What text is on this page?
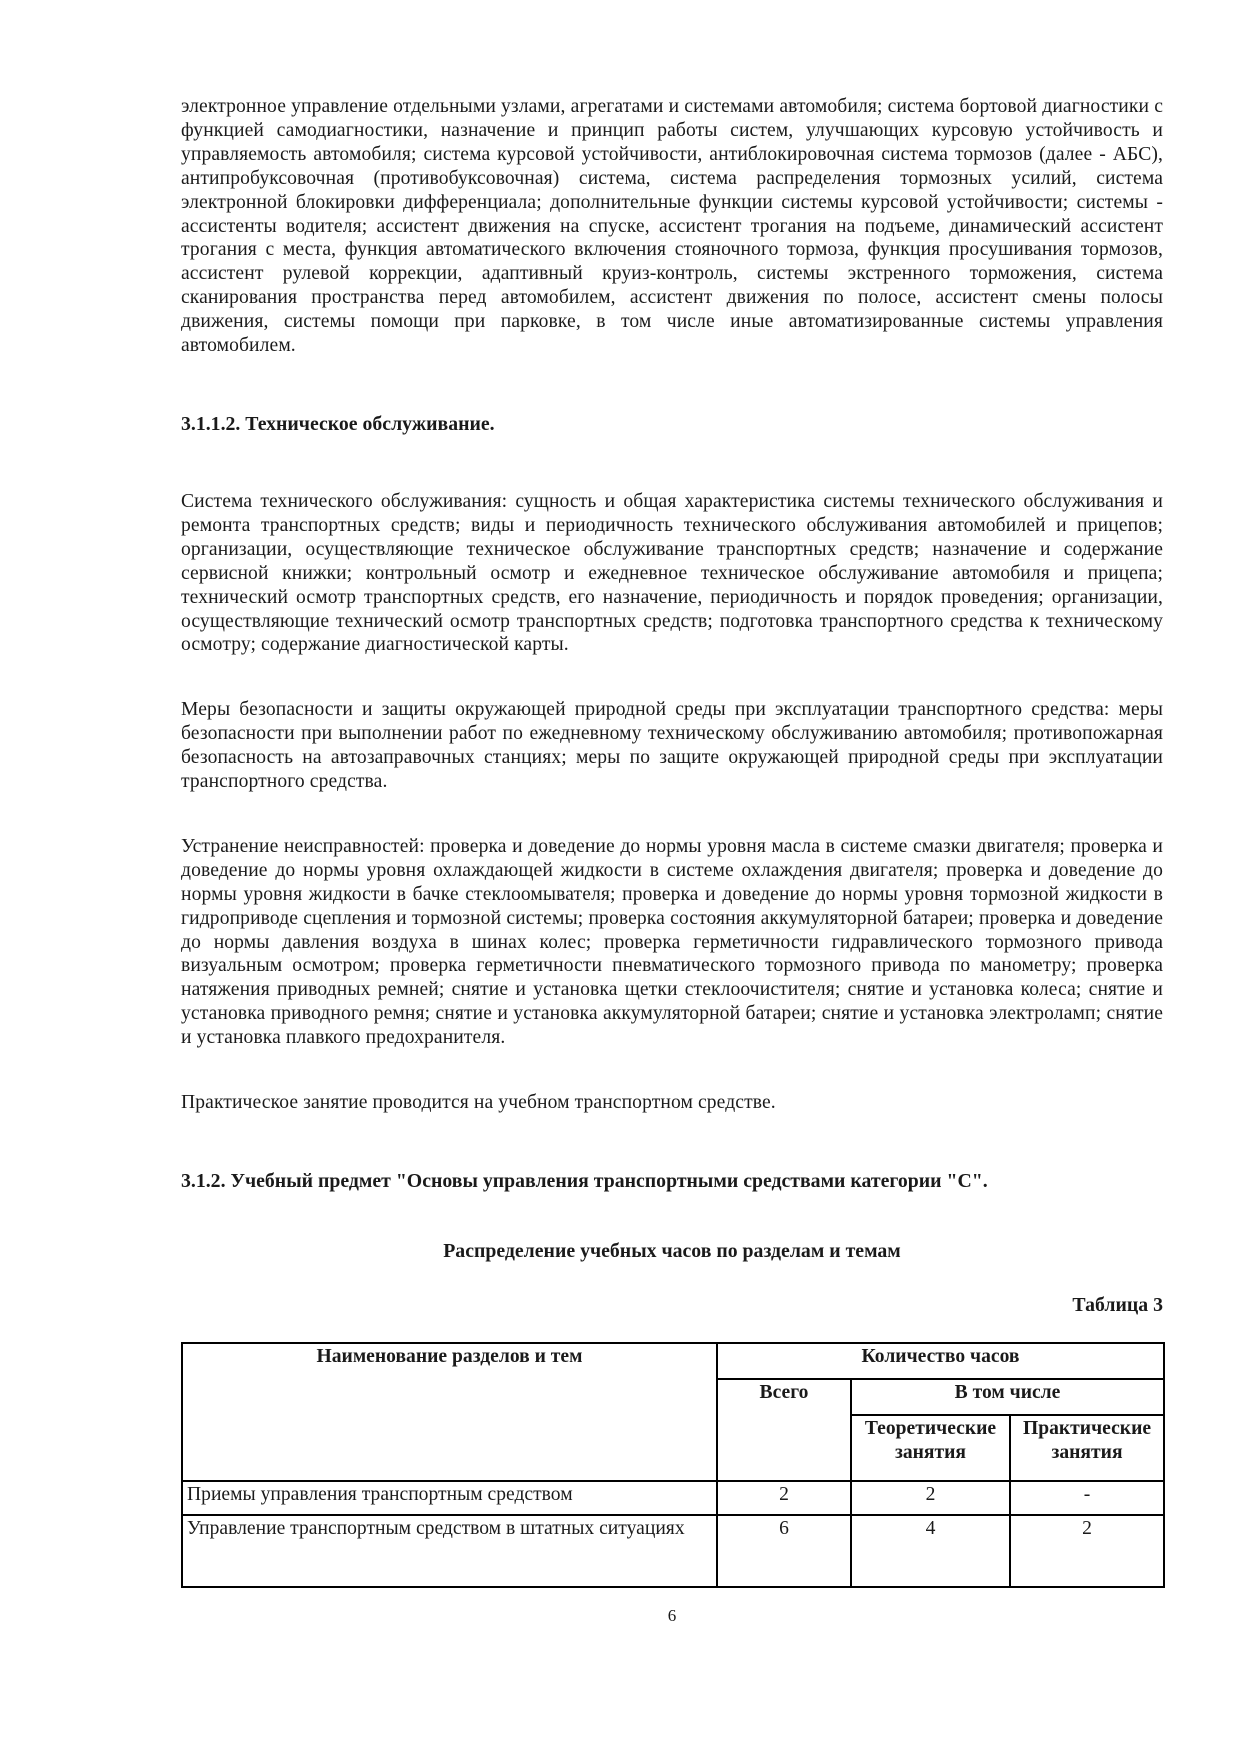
электронное управление отдельными узлами, агрегатами и системами автомобиля; система бортовой диагностики с функцией самодиагностики, назначение и принцип работы систем, улучшающих курсовую устойчивость и управляемость автомобиля; система курсовой устойчивости, антиблокировочная система тормозов (далее - АБС), антипробуксовочная (противобуксовочная) система, система распределения тормозных усилий, система электронной блокировки дифференциала; дополнительные функции системы курсовой устойчивости; системы - ассистенты водителя; ассистент движения на спуске, ассистент трогания на подъеме, динамический ассистент трогания с места, функция автоматического включения стояночного тормоза, функция просушивания тормозов, ассистент рулевой коррекции, адаптивный круиз-контроль, системы экстренного торможения, система сканирования пространства перед автомобилем, ассистент движения по полосе, ассистент смены полосы движения, системы помощи при парковке, в том числе иные автоматизированные системы управления автомобилем.

3.1.1.2. Техническое обслуживание.

Система технического обслуживания: сущность и общая характеристика системы технического обслуживания и ремонта транспортных средств; виды и периодичность технического обслуживания автомобилей и прицепов; организации, осуществляющие техническое обслуживание транспортных средств; назначение и содержание сервисной книжки; контрольный осмотр и ежедневное техническое обслуживание автомобиля и прицепа; технический осмотр транспортных средств, его назначение, периодичность и порядок проведения; организации, осуществляющие технический осмотр транспортных средств; подготовка транспортного средства к техническому осмотру; содержание диагностической карты.

Меры безопасности и защиты окружающей природной среды при эксплуатации транспортного средства: меры безопасности при выполнении работ по ежедневному техническому обслуживанию автомобиля; противопожарная безопасность на автозаправочных станциях; меры по защите окружающей природной среды при эксплуатации транспортного средства.

Устранение неисправностей: проверка и доведение до нормы уровня масла в системе смазки двигателя; проверка и доведение до нормы уровня охлаждающей жидкости в системе охлаждения двигателя; проверка и доведение до нормы уровня жидкости в бачке стеклоомывателя; проверка и доведение до нормы уровня тормозной жидкости в гидроприводе сцепления и тормозной системы; проверка состояния аккумуляторной батареи; проверка и доведение до нормы давления воздуха в шинах колес; проверка герметичности гидравлического тормозного привода визуальным осмотром; проверка герметичности пневматического тормозного привода по манометру; проверка натяжения приводных ремней; снятие и установка щетки стеклоочистителя; снятие и установка колеса; снятие и установка приводного ремня; снятие и установка аккумуляторной батареи; снятие и установка электроламп; снятие и установка плавкого предохранителя.

Практическое занятие проводится на учебном транспортном средстве.

3.1.2. Учебный предмет "Основы управления транспортными средствами категории "С".
Распределение учебных часов по разделам и темам
Таблица 3
Наименование разделов и тем	Количество часов		
	Всего	В том числе	
		Теоретические занятия	Практические занятия
Приемы управления транспортным средством	2	2	-
Управление транспортным средством в штатных ситуациях	6	4	2
6
